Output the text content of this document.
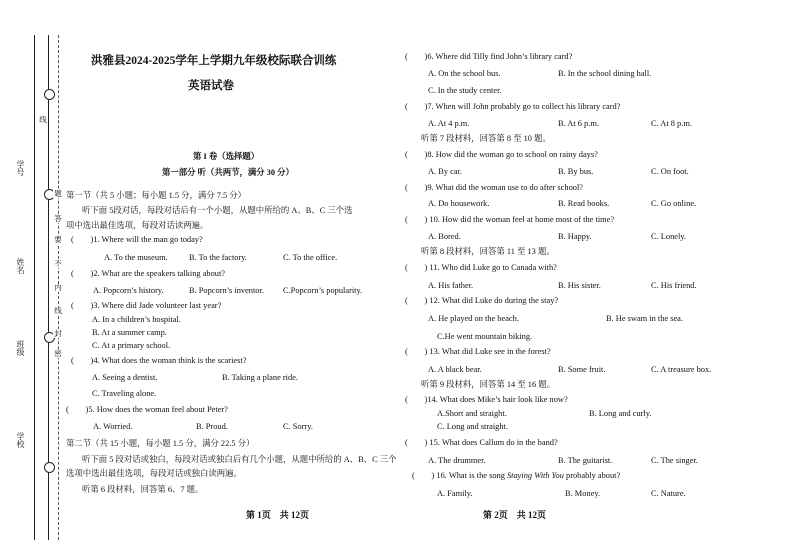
学号
姓名
班级
学校
线
题
答
要
不
内
线
封
密
洪雅县2024-2025学年上学期九年级校际联合训练
英语试卷
第 I 卷（选择题）
第一部分 听（共两节，满分 30 分）
第一节（共 5 小题；每小题 1.5 分，满分 7.5 分）
听下面 5段对话，每段对话后有一个小题，从题中所给的 A、B、C 三个选
项中选出最佳选项，每段对话读两遍。
(　　)1. Where will the man go today?
A. To the museum.	B. To the factory.	C. To the office.
(　　)2. What are the speakers talking about?
A. Popcorn’s history.	B. Popcorn’s inventor. C.Popcorn’s popularity.
(　　)3. Where did Jade volunteer last year?
A. In a children’s hospital.
B. At a summer camp.
C. At a primary school.
(　　)4. What does the woman think is the scariest?
A. Seeing a dentist.	B. Taking a plane ride.
C. Traveling alone.
(　　)5. How does the woman feel about Peter?
A. Worried.	B. Proud.	C. Sorry.
第二节（共 15 小题，每小题 1.5 分，满分 22.5 分）
听下面 5 段对话或独白，每段对话或独白后有几个小题，从题中所给的 A、B、C 三个
选项中选出最佳选项，每段对话或独白读两遍。
听第 6 段材料，回答第 6、7 题。
第 1页　共 12页
(　　)6. Where did Tilly find John’s library card?
A. On the school bus.	B. In the school dining hall.
C. In the study center.
(　　)7. When will John probably go to collect his library card?
A. At 4 p.m.	B. At 6 p.m.	C. At 8 p.m.
听第 7 段材料，回答第 8 至 10 题。
(　　)8. How did the woman go to school on rainy days?
A. By car.	B. By bus.	C. On foot.
(　　)9. What did the woman use to do after school?
A. Do housework.	B. Read books.	C. Go online.
(　　) 10. How did the woman feel at home most of the time?
A. Bored.	B. Happy.	C. Lonely.
听第 8 段材料，回答第 11 至 13 题。
(　　) 11. Who did Luke go to Canada with?
A. His father.	B. His sister.	C. His friend.
(　　) 12. What did Luke do during the stay?
A. He played on the beach.	B. He swam in the sea.
C.He went mountain biking.
(　　) 13. What did Luke see in the forest?
A. A black bear.	B. Some fruit.	C. A treasure box.
听第 9 段材料，回答第 14 至 16 题。
(　　)14. What does Mike’s hair look like now?
A.Short and straight.	B. Long and curly.
C. Long and straight.
(　　) 15. What does Callum do in the band?
A. The drummer.	B. The guitarist.	C. The singer.
(　　) 16. What is the song Staying With You probably about?
A. Family.	B. Money.	C. Nature.
第 2页　共 12页
